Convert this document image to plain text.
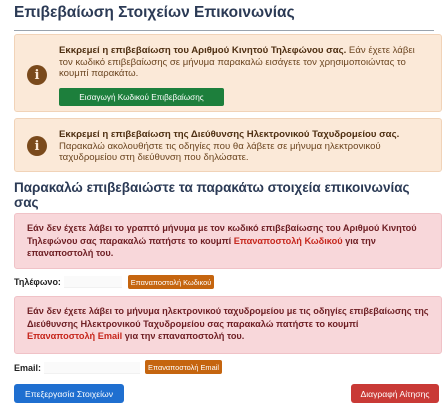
Επιβεβαίωση Στοιχείων Επικοινωνίας
i

Εκκρεμεί η επιβεβαίωση του Αριθμού Κινητού Τηλεφώνου σας. Εάν έχετε λάβει τον κωδικό επιβεβαίωσης σε μήνυμα παρακαλώ εισάγετε τον χρησιμοποιώντας το κουμπί παρακάτω.

Εισαγωγή Κωδικού Επιβεβαίωσης
i

Εκκρεμεί η επιβεβαίωση της Διεύθυνσης Ηλεκτρονικού Ταχυδρομείου σας.
Παρακαλώ ακολουθήστε τις οδηγίες που θα λάβετε σε μήνυμα ηλεκτρονικού ταχυδρομείου στη διεύθυνση που δηλώσατε.

Παρακαλώ επιβεβαιώστε τα παρακάτω στοιχεία επικοινωνίας σας
Εάν δεν έχετε λάβει το γραπτό μήνυμα με τον κωδικό επιβεβαίωσης του Αριθμού Κινητού Τηλεφώνου σας παρακαλώ πατήστε το κουμπί Επαναποστολή Κωδικού για την επαναποστολή του.
Τηλέφωνο:	Επαναποστολή Κωδικού
Εάν δεν έχετε λάβει το μήνυμα ηλεκτρονικού ταχυδρομείου με τις οδηγίες επιβεβαίωσης της Διεύθυνσης Ηλεκτρονικού Ταχυδρομείου σας παρακαλώ πατήστε το κουμπί Επαναποστολή Email για την επαναποστολή του.
Email:	Επαναποστολή Email
Επεξεργασία Στοιχείων	Διαγραφή Αίτησης
